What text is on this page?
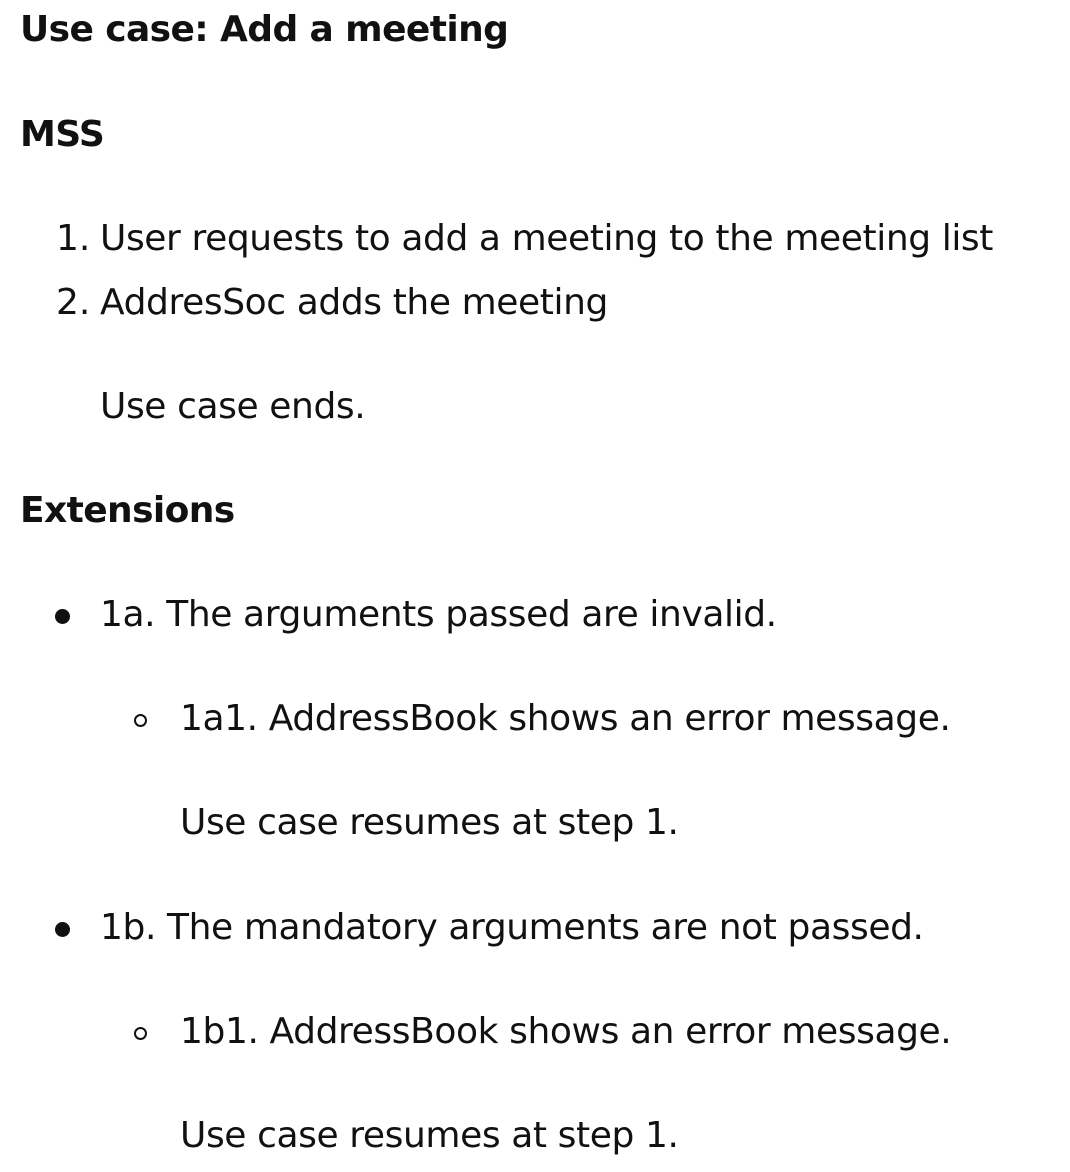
Use case: Add a meeting
MSS
1. User requests to add a meeting to the meeting list
2. AddresSoc adds the meeting
Use case ends.
Extensions
1a. The arguments passed are invalid.
1a1. AddressBook shows an error message.
Use case resumes at step 1.
1b. The mandatory arguments are not passed.
1b1. AddressBook shows an error message.
Use case resumes at step 1.
